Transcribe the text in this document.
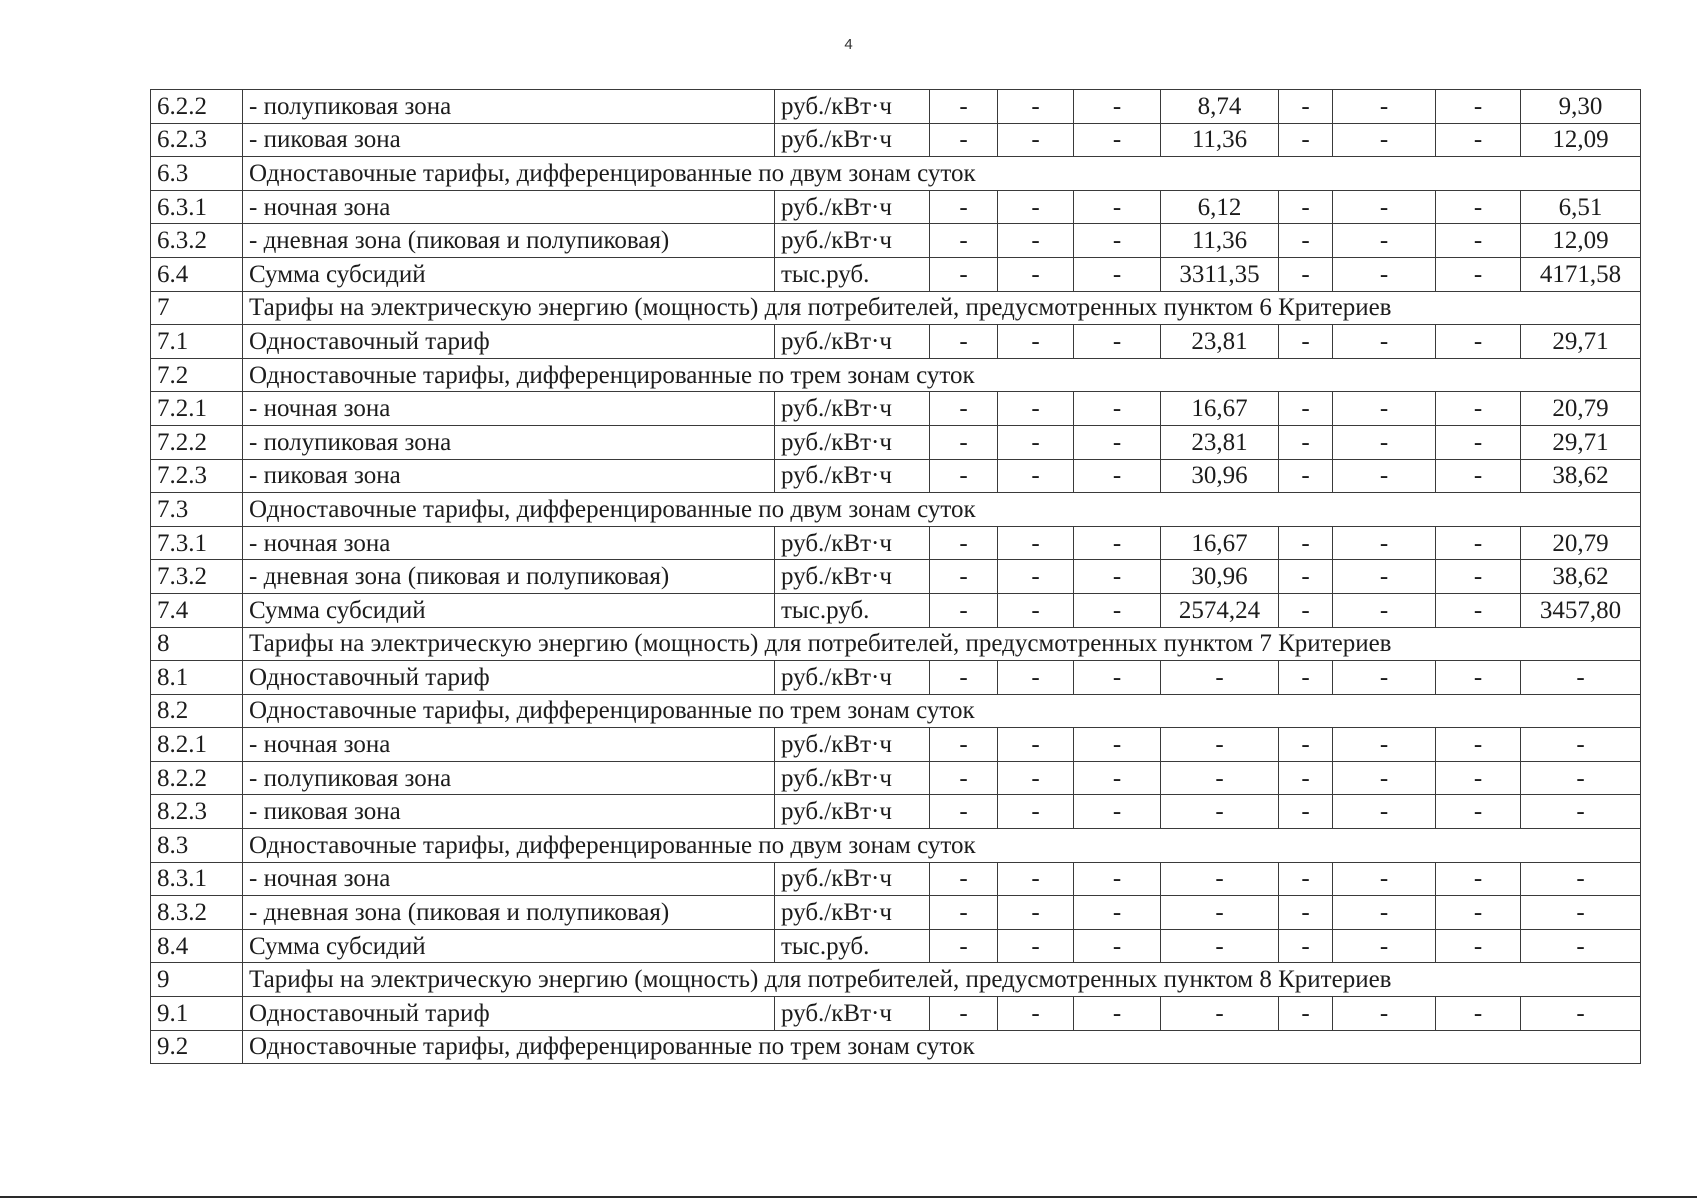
4
6.2.2	- полупиковая зона	руб./кВт·ч	-	-	-	8,74	-	-	-	9,30
6.2.3	- пиковая зона	руб./кВт·ч	-	-	-	11,36	-	-	-	12,09
6.3	Одноставочные тарифы, дифференцированные по двум зонам суток									
6.3.1	- ночная зона	руб./кВт·ч	-	-	-	6,12	-	-	-	6,51
6.3.2	- дневная зона (пиковая и полупиковая)	руб./кВт·ч	-	-	-	11,36	-	-	-	12,09
6.4	Сумма субсидий	тыс.руб.	-	-	-	3311,35	-	-	-	4171,58
7	Тарифы на электрическую энергию (мощность) для потребителей, предусмотренных пунктом 6 Критериев									
7.1	Одноставочный тариф	руб./кВт·ч	-	-	-	23,81	-	-	-	29,71
7.2	Одноставочные тарифы, дифференцированные по трем зонам суток									
7.2.1	- ночная зона	руб./кВт·ч	-	-	-	16,67	-	-	-	20,79
7.2.2	- полупиковая зона	руб./кВт·ч	-	-	-	23,81	-	-	-	29,71
7.2.3	- пиковая зона	руб./кВт·ч	-	-	-	30,96	-	-	-	38,62
7.3	Одноставочные тарифы, дифференцированные по двум зонам суток									
7.3.1	- ночная зона	руб./кВт·ч	-	-	-	16,67	-	-	-	20,79
7.3.2	- дневная зона (пиковая и полупиковая)	руб./кВт·ч	-	-	-	30,96	-	-	-	38,62
7.4	Сумма субсидий	тыс.руб.	-	-	-	2574,24	-	-	-	3457,80
8	Тарифы на электрическую энергию (мощность) для потребителей, предусмотренных пунктом 7 Критериев									
8.1	Одноставочный тариф	руб./кВт·ч	-	-	-	-	-	-	-	-
8.2	Одноставочные тарифы, дифференцированные по трем зонам суток									
8.2.1	- ночная зона	руб./кВт·ч	-	-	-	-	-	-	-	-
8.2.2	- полупиковая зона	руб./кВт·ч	-	-	-	-	-	-	-	-
8.2.3	- пиковая зона	руб./кВт·ч	-	-	-	-	-	-	-	-
8.3	Одноставочные тарифы, дифференцированные по двум зонам суток									
8.3.1	- ночная зона	руб./кВт·ч	-	-	-	-	-	-	-	-
8.3.2	- дневная зона (пиковая и полупиковая)	руб./кВт·ч	-	-	-	-	-	-	-	-
8.4	Сумма субсидий	тыс.руб.	-	-	-	-	-	-	-	-
9	Тарифы на электрическую энергию (мощность) для потребителей, предусмотренных пунктом 8 Критериев									
9.1	Одноставочный тариф	руб./кВт·ч	-	-	-	-	-	-	-	-
9.2	Одноставочные тарифы, дифференцированные по трем зонам суток									
